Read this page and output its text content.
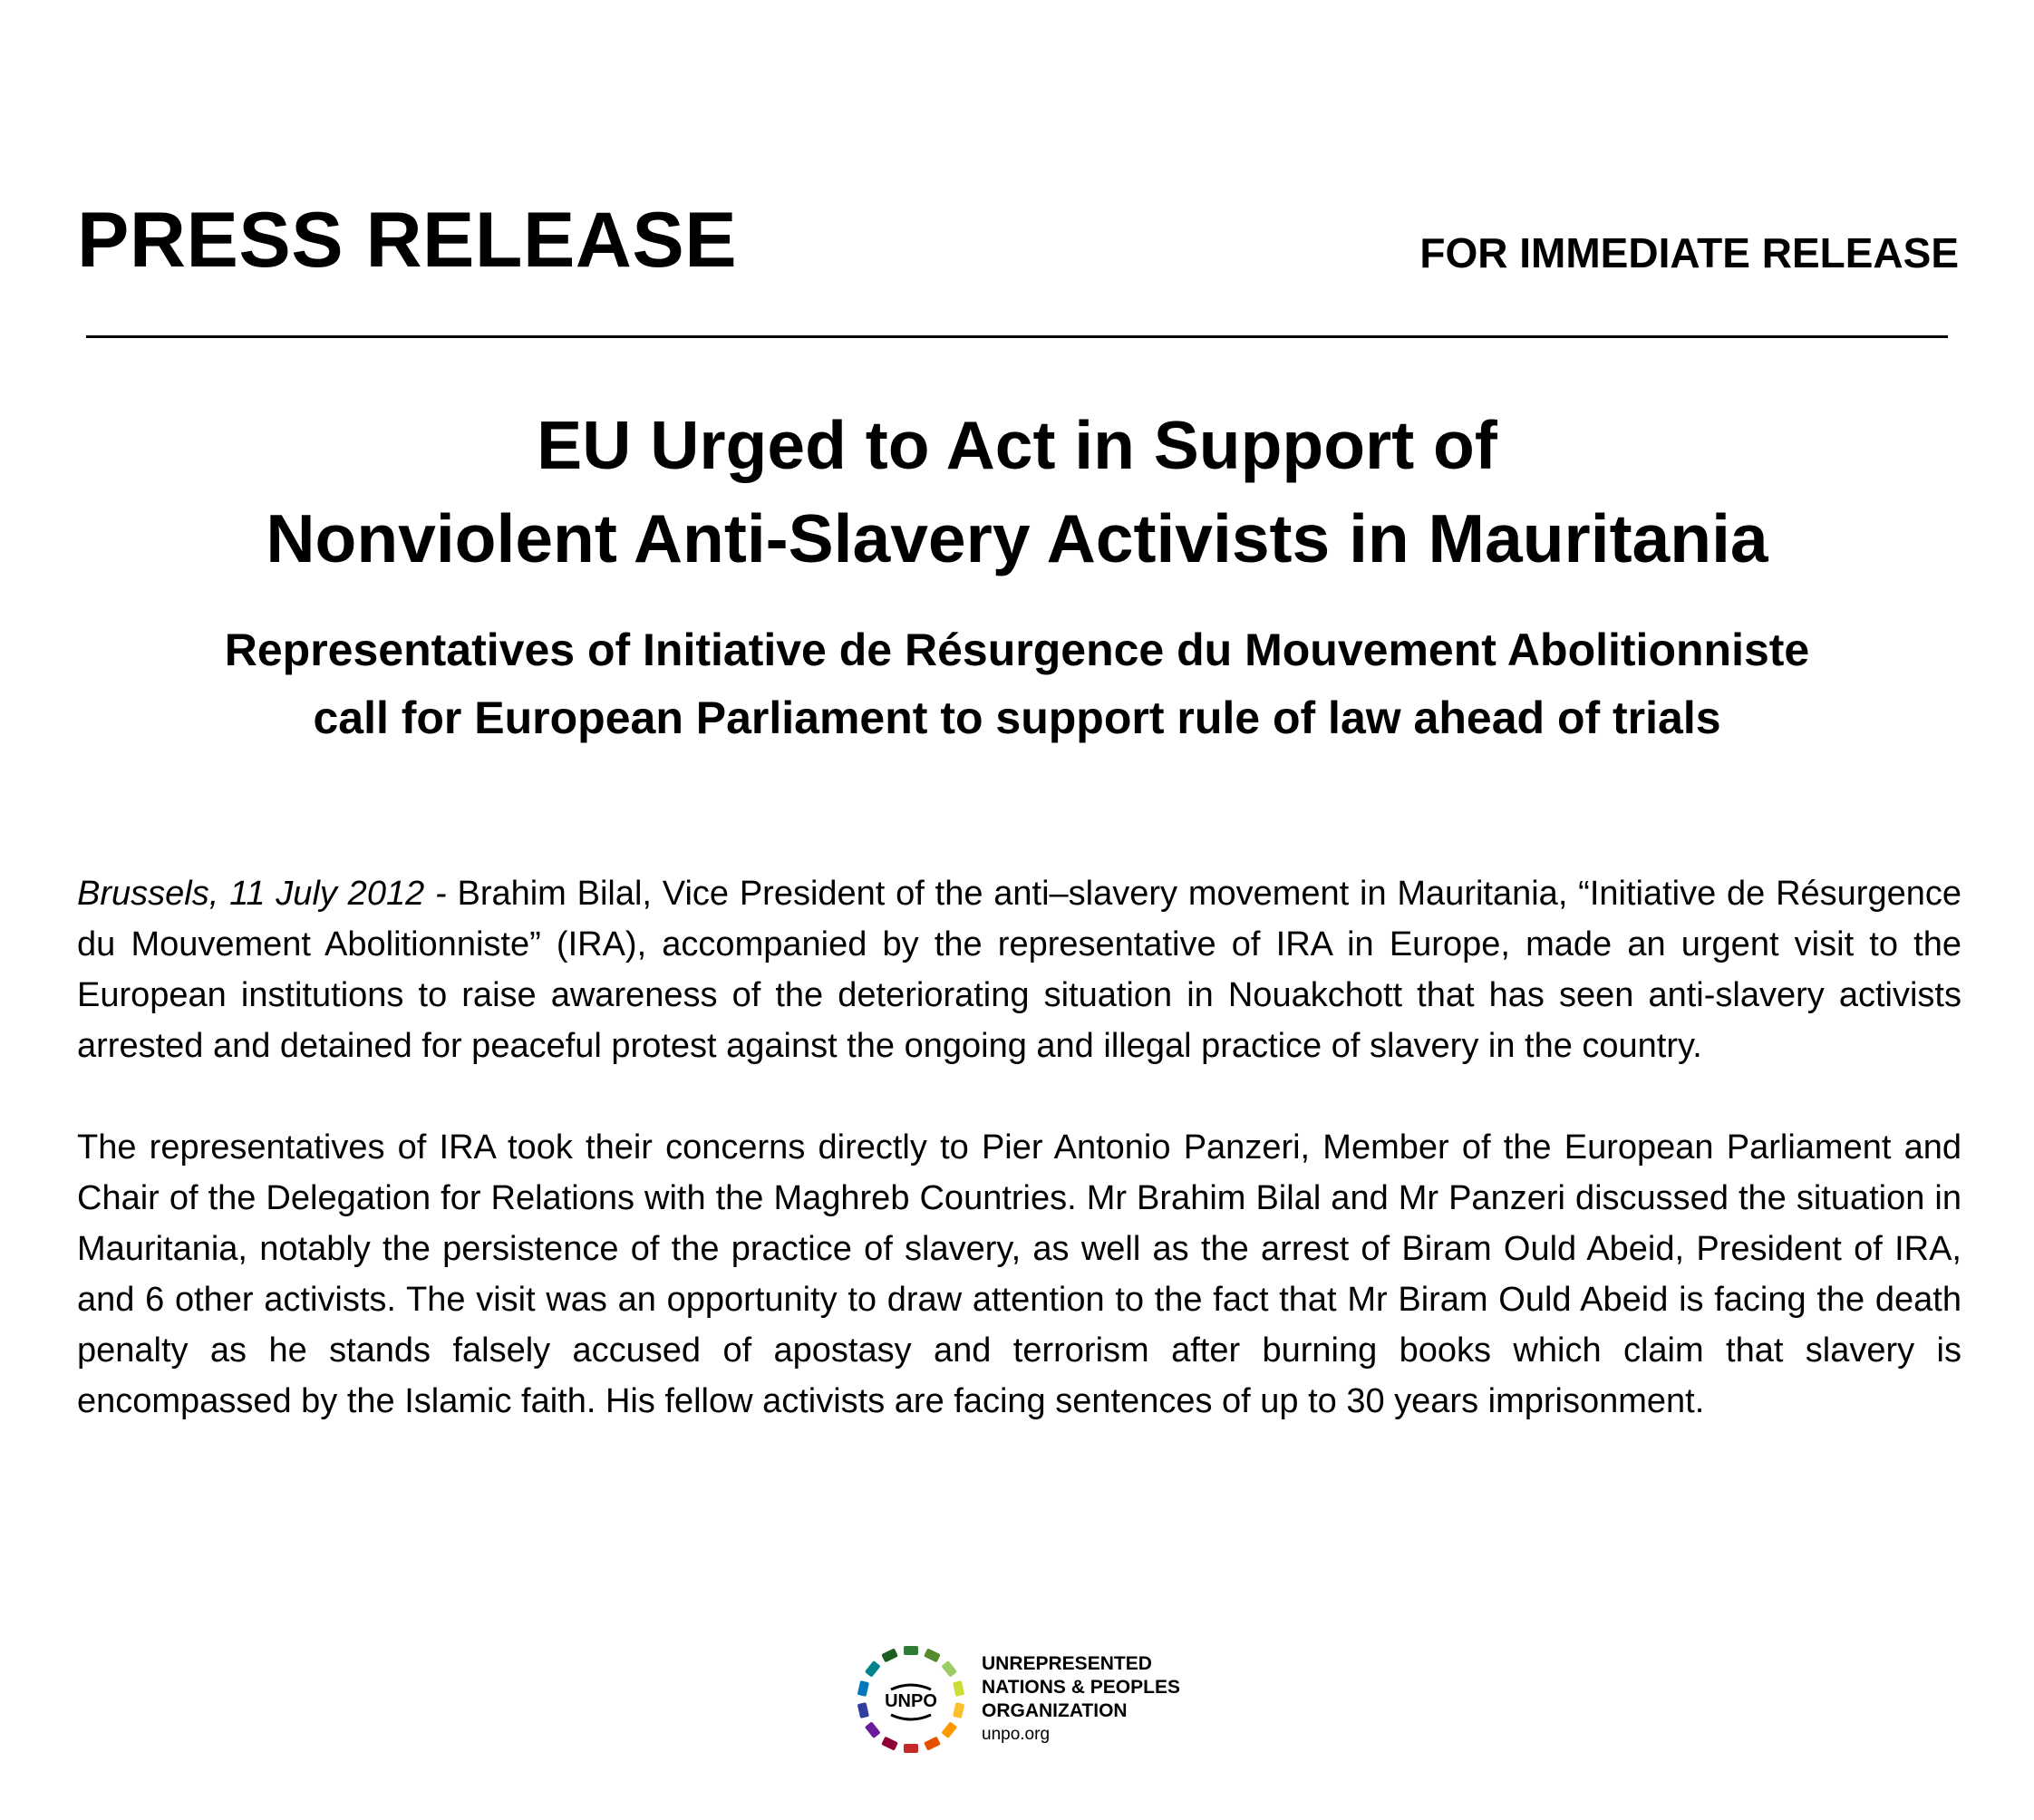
PRESS RELEASE	FOR IMMEDIATE RELEASE
EU Urged to Act in Support of
Nonviolent Anti-Slavery Activists in Mauritania
Representatives of Initiative de Résurgence du Mouvement Abolitionniste
call for European Parliament to support rule of law ahead of trials

Brussels, 11 July 2012 - Brahim Bilal, Vice President of the anti–slavery movement in Mauritania, “Initiative de Résurgence du Mouvement Abolitionniste” (IRA), accompanied by the representative of IRA in Europe, made an urgent visit to the European institutions to raise awareness of the deteriorating situation in Nouakchott that has seen anti-slavery activists arrested and detained for peaceful protest against the ongoing and illegal practice of slavery in the country.

The representatives of IRA took their concerns directly to Pier Antonio Panzeri, Member of the European Parliament and Chair of the Delegation for Relations with the Maghreb Countries. Mr Brahim Bilal and Mr Panzeri discussed the situation in Mauritania, notably the persistence of the practice of slavery, as well as the arrest of Biram Ould Abeid, President of IRA, and 6 other activists. The visit was an opportunity to draw attention to the fact that Mr Biram Ould Abeid is facing the death penalty as he stands falsely accused of apostasy and terrorism after burning books which claim that slavery is encompassed by the Islamic faith. His fellow activists are facing sentences of up to 30 years imprisonment.

UNPO
UNREPRESENTED
NATIONS & PEOPLES
ORGANIZATION
unpo.org
